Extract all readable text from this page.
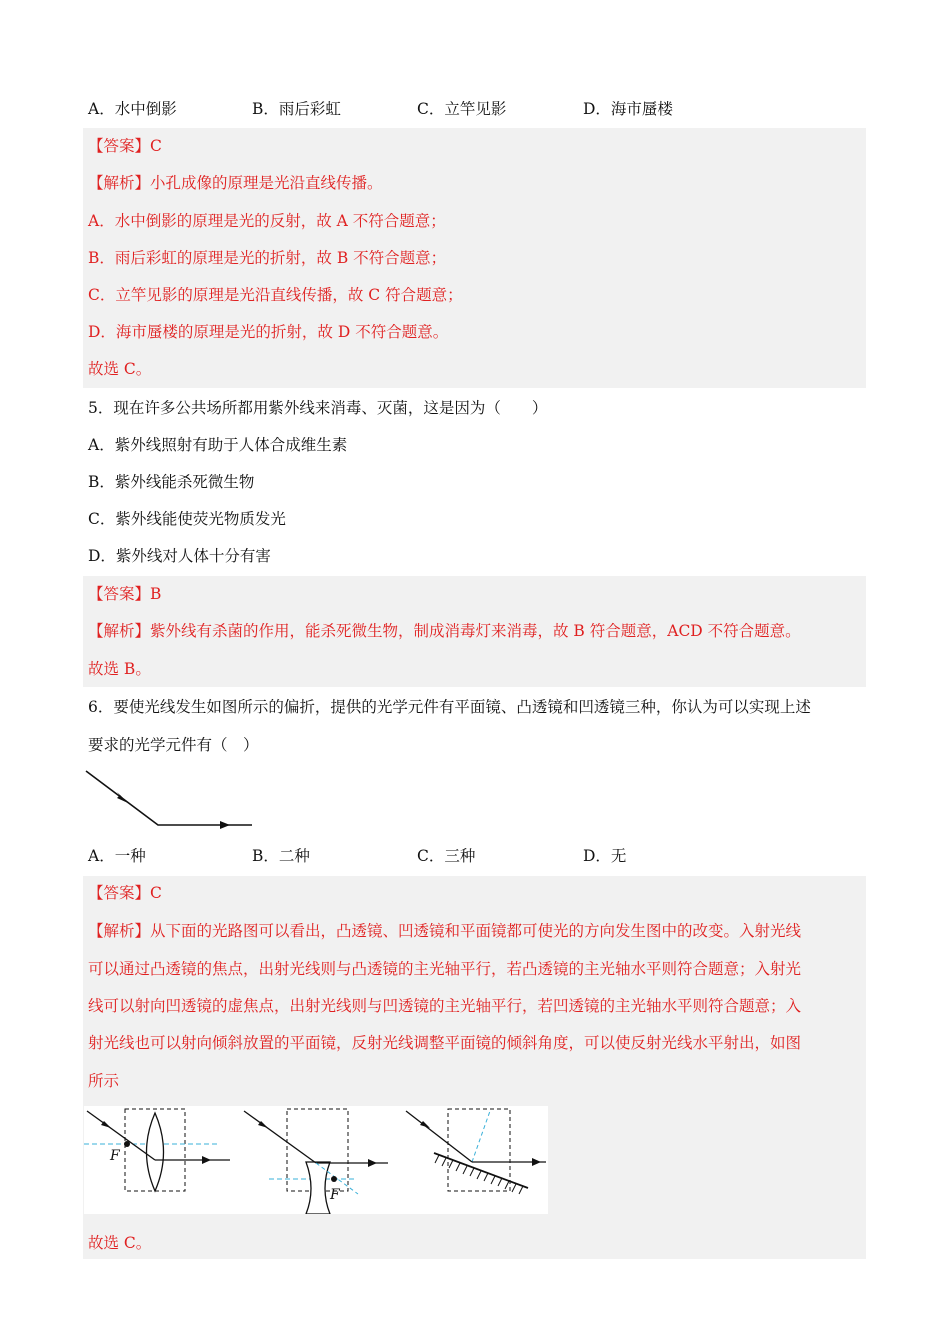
A．水中倒影	B．雨后彩虹	C．立竿见影	D．海市蜃楼
【答案】C
【解析】小孔成像的原理是光沿直线传播。
A．水中倒影的原理是光的反射，故 A 不符合题意；
B．雨后彩虹的原理是光的折射，故 B 不符合题意；
C．立竿见影的原理是光沿直线传播，故 C 符合题意；
D．海市蜃楼的原理是光的折射，故 D 不符合题意。
故选 C。
5．现在许多公共场所都用紫外线来消毒、灭菌，这是因为（　　）
A．紫外线照射有助于人体合成维生素
B．紫外线能杀死微生物
C．紫外线能使荧光物质发光
D．紫外线对人体十分有害
【答案】B
【解析】紫外线有杀菌的作用，能杀死微生物，制成消毒灯来消毒，故 B 符合题意，ACD 不符合题意。
故选 B。
6．要使光线发生如图所示的偏折，提供的光学元件有平面镜、凸透镜和凹透镜三种，你认为可以实现上述
要求的光学元件有（　）
A．一种	B．二种	C．三种	D．无
【答案】C
【解析】从下面的光路图可以看出，凸透镜、凹透镜和平面镜都可使光的方向发生图中的改变。入射光线
可以通过凸透镜的焦点，出射光线则与凸透镜的主光轴平行，若凸透镜的主光轴水平则符合题意；入射光
线可以射向凹透镜的虚焦点，出射光线则与凹透镜的主光轴平行，若凹透镜的主光轴水平则符合题意；入
射光线也可以射向倾斜放置的平面镜，反射光线调整平面镜的倾斜角度，可以使反射光线水平射出，如图
所示
F
F
故选 C。
